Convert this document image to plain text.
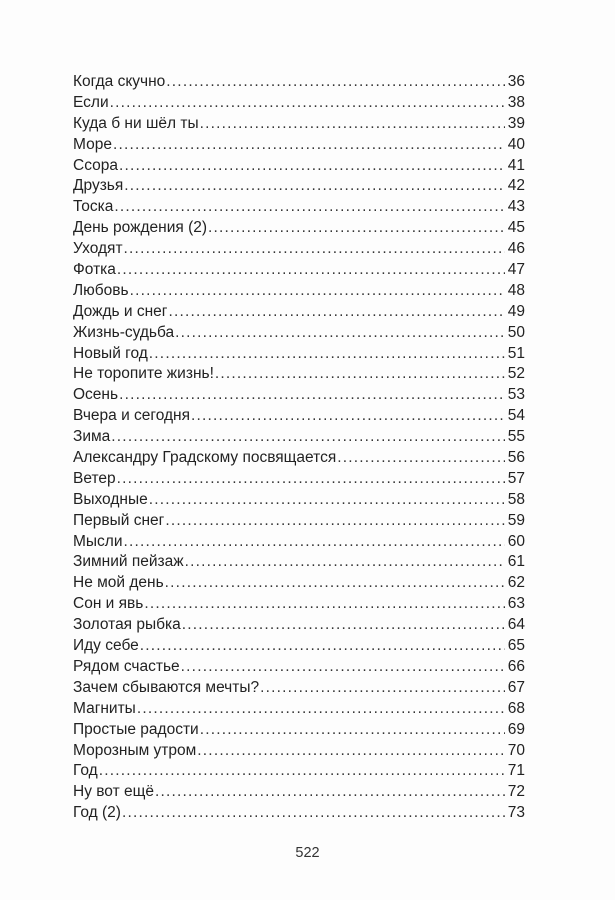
Когда скучно .....	36
Если .....	38
Куда б ни шёл ты .....	39
Море .....	40
Ссора .....	41
Друзья .....	42
Тоска .....	43
День рождения (2) .....	45
Уходят .....	46
Фотка .....	47
Любовь .....	48
Дождь и снег .....	49
Жизнь-судьба .....	50
Новый год .....	51
Не торопите жизнь! .....	52
Осень .....	53
Вчера и сегодня .....	54
Зима .....	55
Александру Градскому посвящается .....	56
Ветер .....	57
Выходные .....	58
Первый снег .....	59
Мысли .....	60
Зимний пейзаж .....	61
Не мой день .....	62
Сон и явь .....	63
Золотая рыбка .....	64
Иду себе .....	65
Рядом счастье .....	66
Зачем сбываются мечты? .....	67
Магниты .....	68
Простые радости .....	69
Морозным утром .....	70
Год .....	71
Ну вот ещё .....	72
Год (2) .....	73
522
